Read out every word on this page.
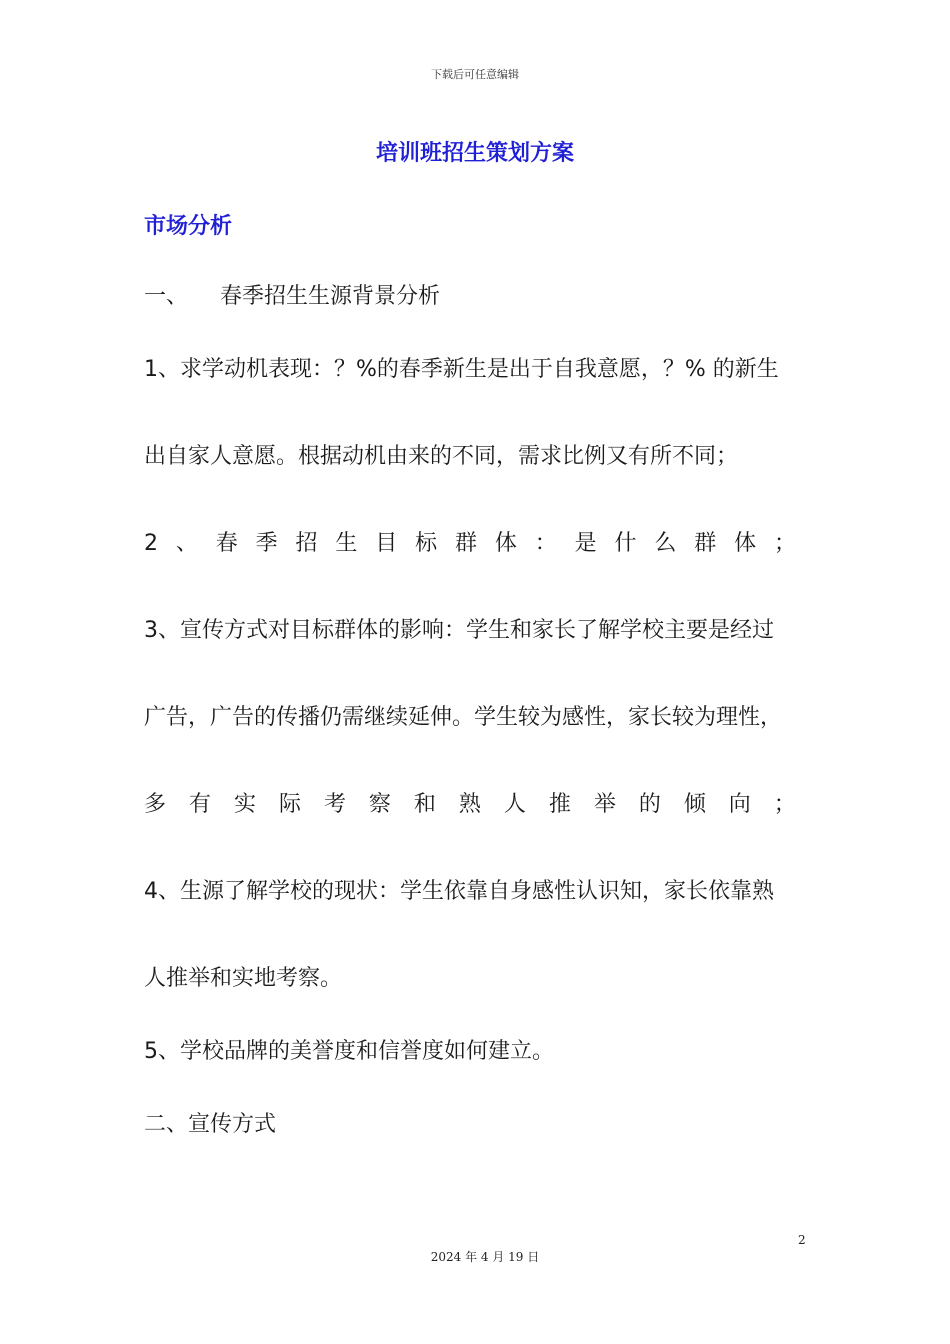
下载后可任意编辑
培训班招生策划方案
市场分析
一、 春季招生生源背景分析
1、求学动机表现：？%的春季新生是出于自我意愿，？% 的新生
出自家人意愿。根据动机由来的不同，需求比例又有所不同；
2 、 春 季 招 生 目 标 群 体 ： 是 什 么 群 体 ；
3、宣传方式对目标群体的影响：学生和家长了解学校主要是经过
广告，广告的传播仍需继续延伸。学生较为感性，家长较为理性，
多 有 实 际 考 察 和 熟 人 推 举 的 倾 向 ；
4、生源了解学校的现状：学生依靠自身感性认识知，家长依靠熟
人推举和实地考察。
5、学校品牌的美誉度和信誉度如何建立。
二、宣传方式
2
2024 年 4 月 19 日
